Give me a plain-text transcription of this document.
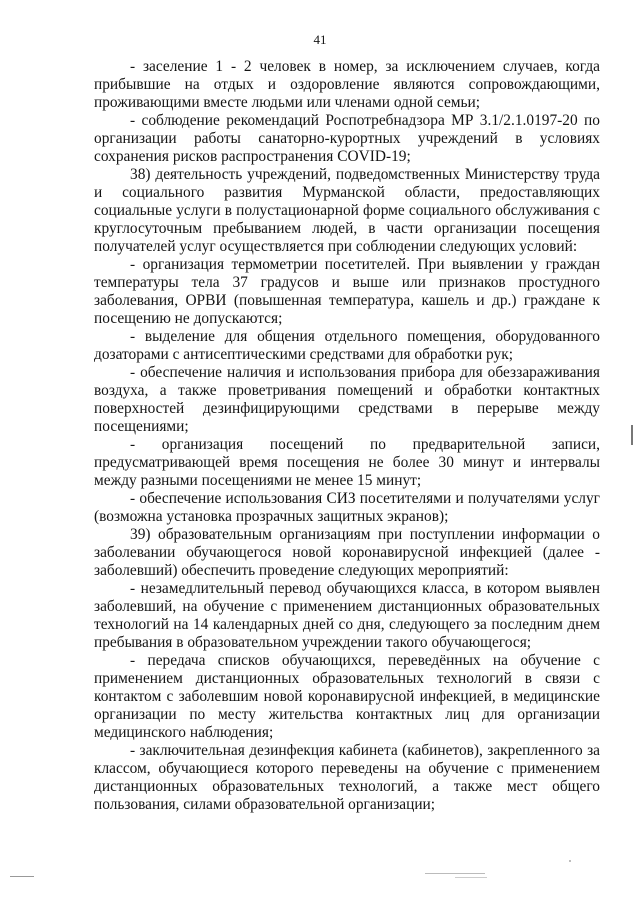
41

- заселение 1 - 2 человек в номер, за исключением случаев, когда прибывшие на отдых и оздоровление являются сопровождающими, проживающими вместе людьми или членами одной семьи;

- соблюдение рекомендаций Роспотребнадзора МР 3.1/2.1.0197-20 по организации работы санаторно-курортных учреждений в условиях сохранения рисков распространения COVID-19;

38) деятельность учреждений, подведомственных Министерству труда и социального развития Мурманской области, предоставляющих социальные услуги в полустационарной форме социального обслуживания с круглосуточным пребыванием людей, в части организации посещения получателей услуг осуществляется при соблюдении следующих условий:

- организация термометрии посетителей. При выявлении у граждан температуры тела 37 градусов и выше или признаков простудного заболевания, ОРВИ (повышенная температура, кашель и др.) граждане к посещению не допускаются;

- выделение для общения отдельного помещения, оборудованного дозаторами с антисептическими средствами для обработки рук;

- обеспечение наличия и использования прибора для обеззараживания воздуха, а также проветривания помещений и обработки контактных поверхностей дезинфицирующими средствами в перерыве между посещениями;

- организация посещений по предварительной записи, предусматривающей время посещения не более 30 минут и интервалы между разными посещениями не менее 15 минут;

- обеспечение использования СИЗ посетителями и получателями услуг (возможна установка прозрачных защитных экранов);

39) образовательным организациям при поступлении информации о заболевании обучающегося новой коронавирусной инфекцией (далее - заболевший) обеспечить проведение следующих мероприятий:

- незамедлительный перевод обучающихся класса, в котором выявлен заболевший, на обучение с применением дистанционных образовательных технологий на 14 календарных дней со дня, следующего за последним днем пребывания в образовательном учреждении такого обучающегося;

- передача списков обучающихся, переведённых на обучение с применением дистанционных образовательных технологий в связи с контактом с заболевшим новой коронавирусной инфекцией, в медицинские организации по месту жительства контактных лиц для организации медицинского наблюдения;

- заключительная дезинфекция кабинета (кабинетов), закрепленного за классом, обучающиеся которого переведены на обучение с применением дистанционных образовательных технологий, а также мест общего пользования, силами образовательной организации;
